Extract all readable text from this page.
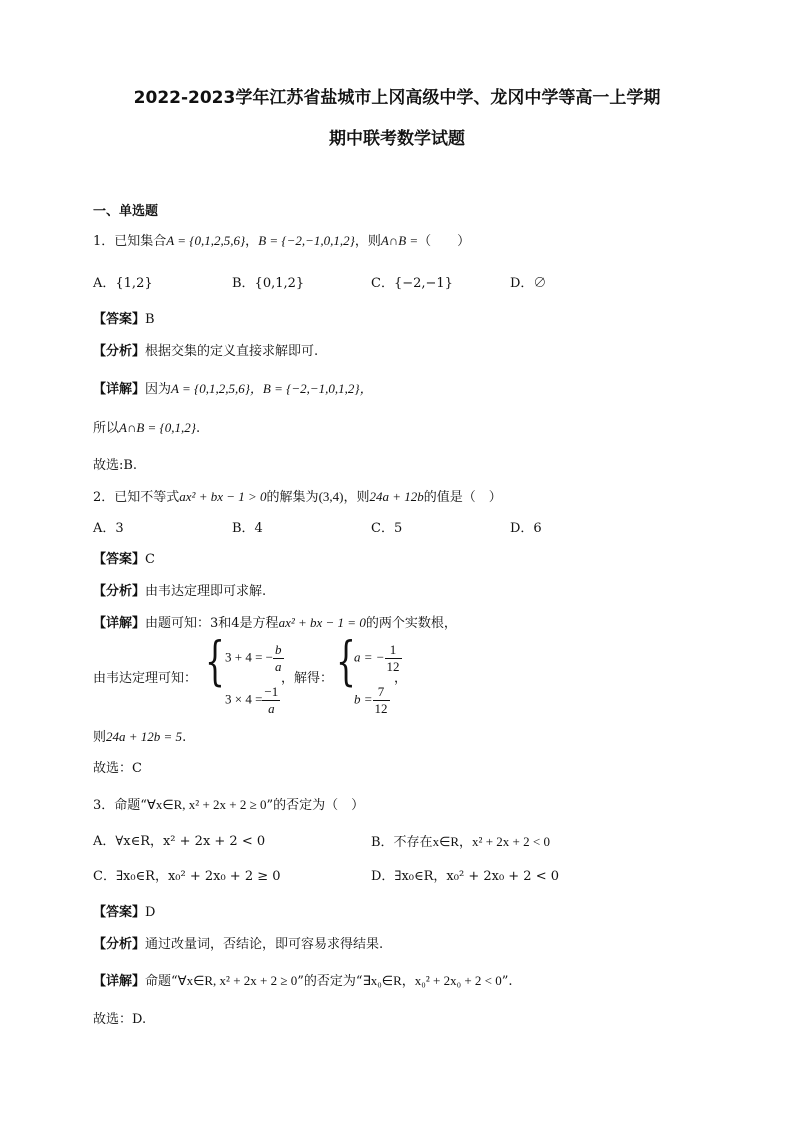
2022-2023学年江苏省盐城市上冈高级中学、龙冈中学等高一上学期
期中联考数学试题
一、单选题
1．已知集合A = {0,1,2,5,6}，B = {−2,−1,0,1,2}，则A∩B =（　　）
A．{1,2}	B．{0,1,2}	C．{−2,−1}	D．∅
【答案】B
【分析】根据交集的定义直接求解即可.
【详解】因为A = {0,1,2,5,6}，B = {−2,−1,0,1,2}，
所以A∩B = {0,1,2}.
故选:B.
2．已知不等式ax² + bx − 1 > 0的解集为(3,4)，则24a + 12b的值是（　）
A．3	B．4	C．5	D．6
【答案】C
【分析】由韦达定理即可求解.
【详解】由题可知：3和4是方程ax² + bx − 1 = 0的两个实数根，
由韦达定理可知： { 3 + 4 = − $\frac{b}{a}$
$3 \times 4 = \frac{-1}{a}$
，解得： {
a = − $\frac{1}{12}$
$b = \frac{7}{12}$
，
则24a + 12b = 5.
故选：C
3．命题“∀x∈R, x² + 2x + 2 ≥ 0”的否定为（　）
A．∀x∈R，x² + 2x + 2 < 0	B．不存在x∈R，x² + 2x + 2 < 0
C．∃x₀∈R，x₀² + 2x₀ + 2 ≥ 0	D．∃x₀∈R，x₀² + 2x₀ + 2 < 0
【答案】D
【分析】通过改量词，否结论，即可容易求得结果.
【详解】命题“∀x∈R, x² + 2x + 2 ≥ 0”的否定为“∃x₀∈R，x₀² + 2x₀ + 2 < 0”.
故选：D.
